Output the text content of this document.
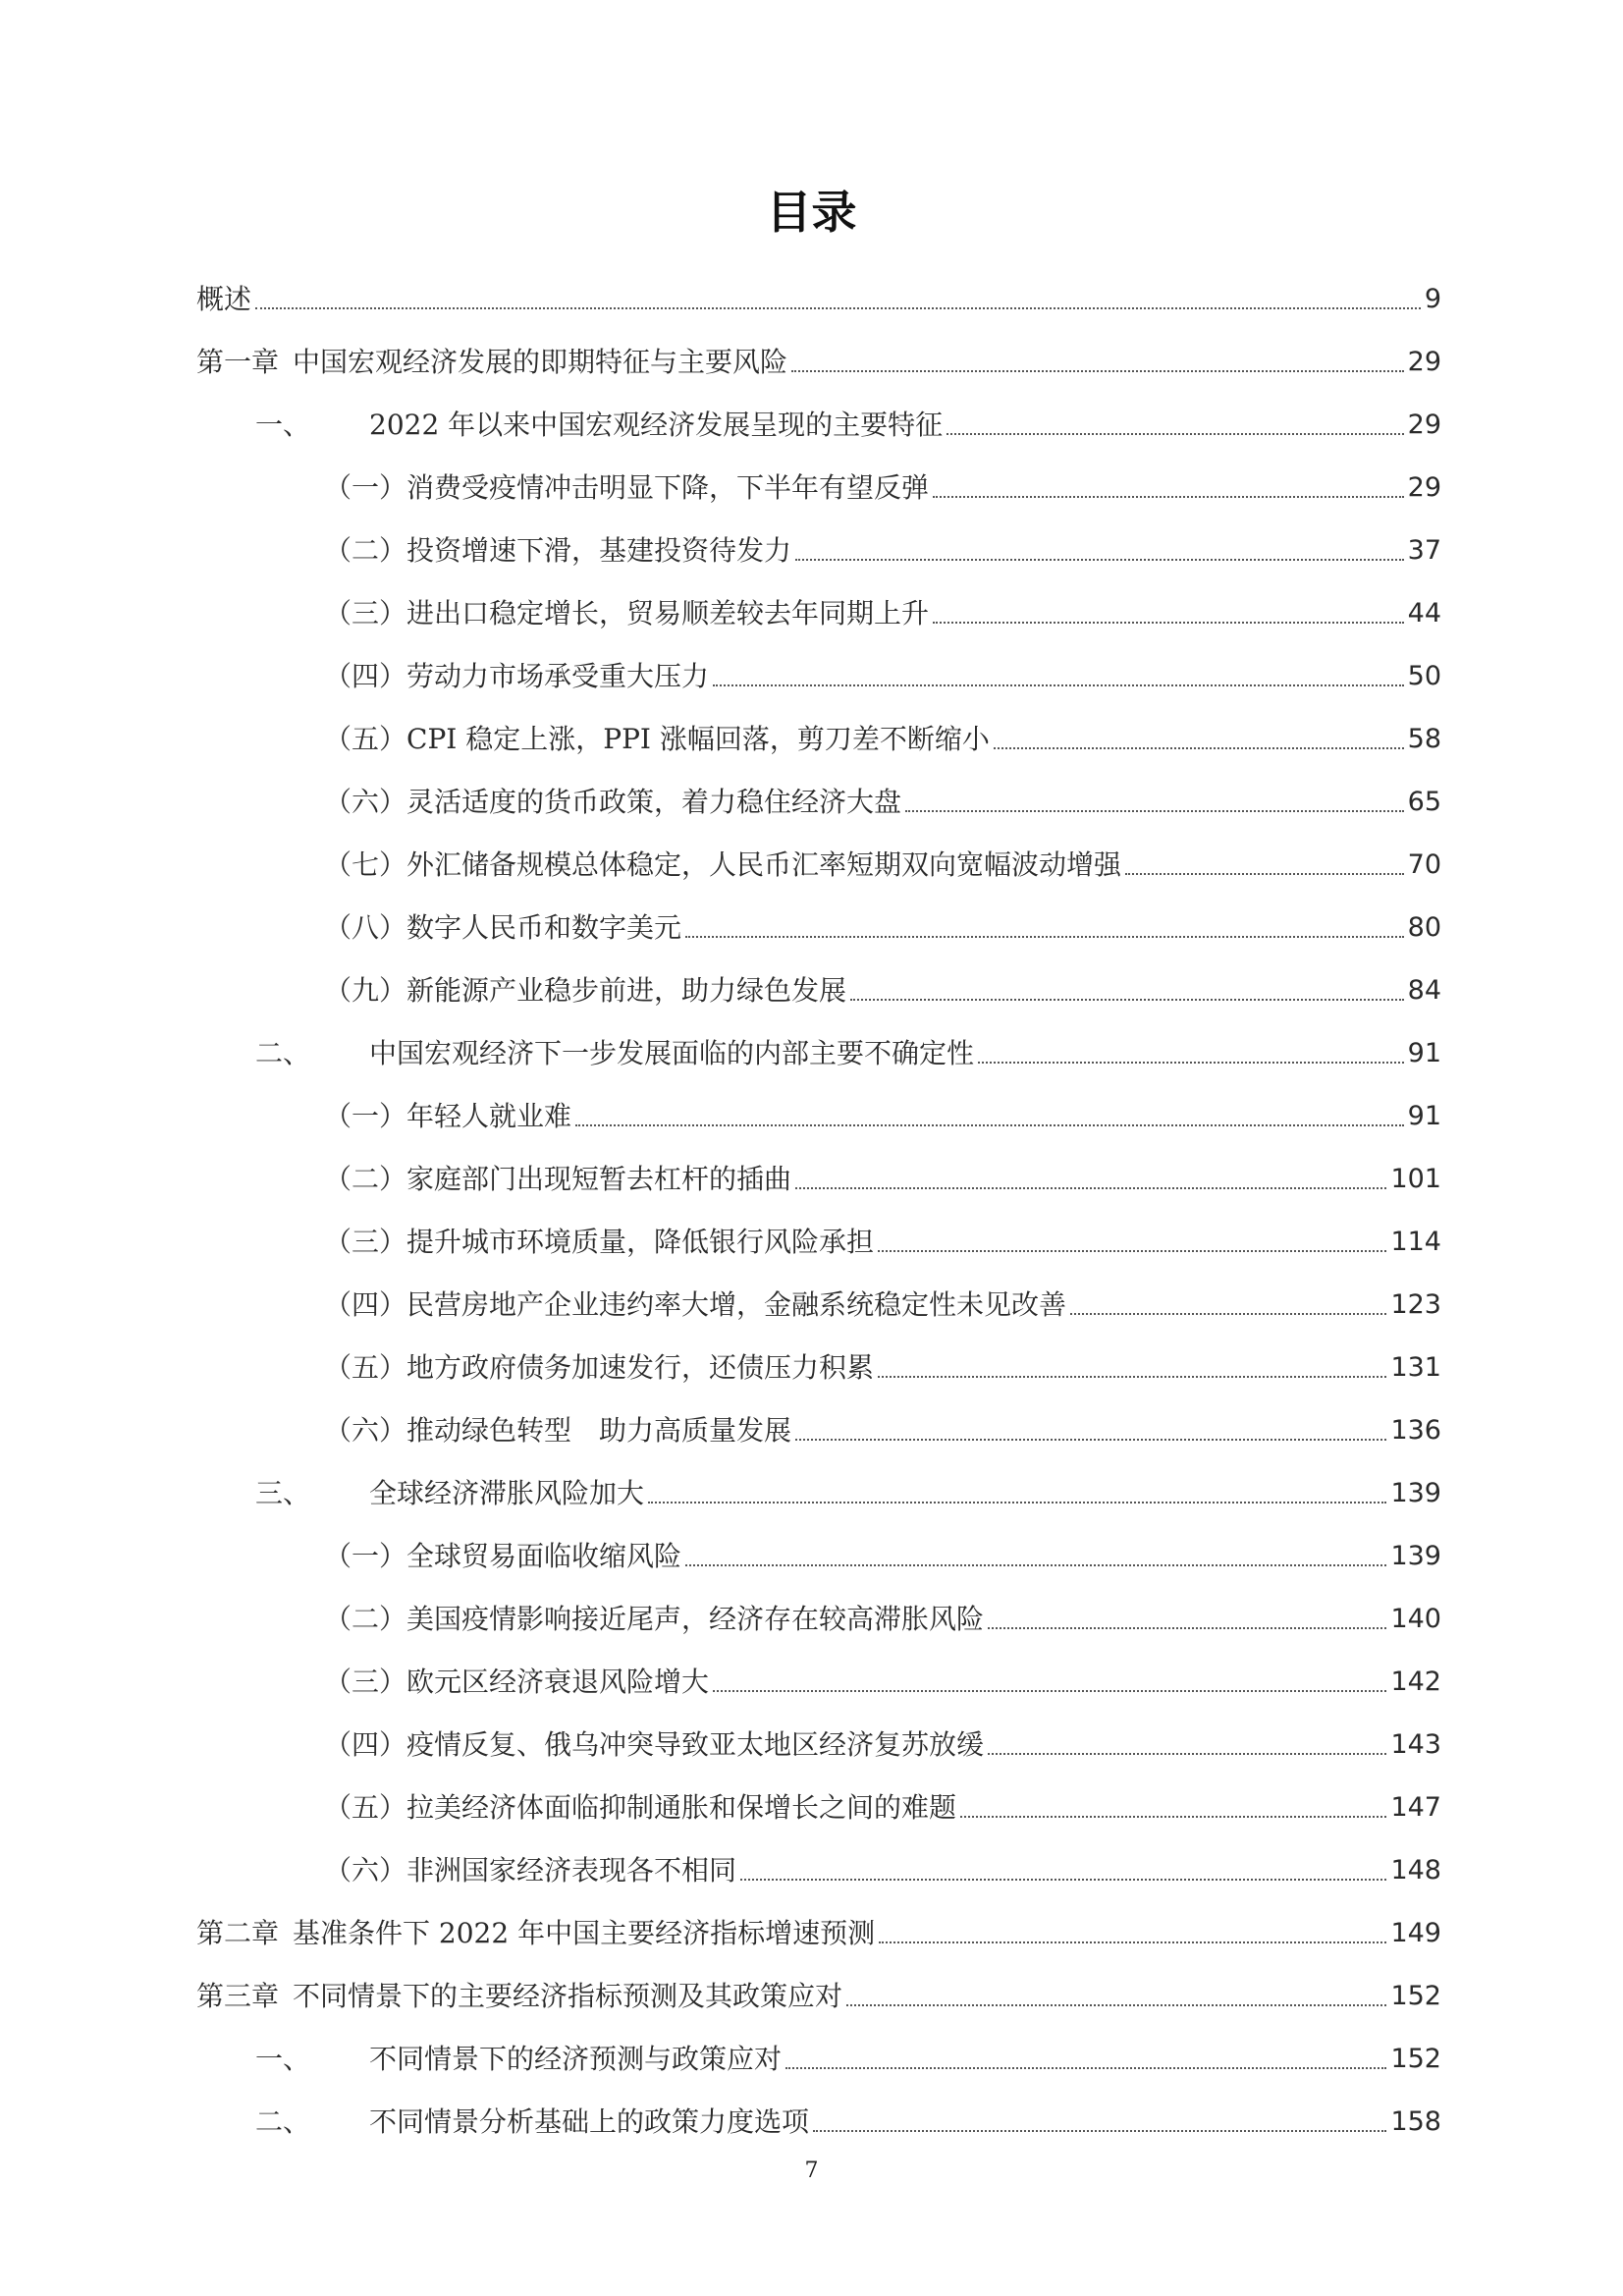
目录
概述	9
第一章 中国宏观经济发展的即期特征与主要风险	29
一、	2022 年以来中国宏观经济发展呈现的主要特征	29
（一） 消费受疫情冲击明显下降，下半年有望反弹	29
（二） 投资增速下滑，基建投资待发力	37
（三） 进出口稳定增长，贸易顺差较去年同期上升	44
（四） 劳动力市场承受重大压力	50
（五） CPI 稳定上涨，PPI 涨幅回落，剪刀差不断缩小	58
（六） 灵活适度的货币政策，着力稳住经济大盘	65
（七） 外汇储备规模总体稳定，人民币汇率短期双向宽幅波动增强	70
（八） 数字人民币和数字美元	80
（九） 新能源产业稳步前进，助力绿色发展	84
二、	中国宏观经济下一步发展面临的内部主要不确定性	91
（一） 年轻人就业难	91
（二） 家庭部门出现短暂去杠杆的插曲	101
（三） 提升城市环境质量，降低银行风险承担	114
（四） 民营房地产企业违约率大增，金融系统稳定性未见改善	123
（五） 地方政府债务加速发行，还债压力积累	131
（六） 推动绿色转型　助力高质量发展	136
三、	全球经济滞胀风险加大	139
（一） 全球贸易面临收缩风险	139
（二） 美国疫情影响接近尾声，经济存在较高滞胀风险	140
（三） 欧元区经济衰退风险增大	142
（四） 疫情反复、俄乌冲突导致亚太地区经济复苏放缓	143
（五） 拉美经济体面临抑制通胀和保增长之间的难题	147
（六） 非洲国家经济表现各不相同	148
第二章 基准条件下 2022 年中国主要经济指标增速预测	149
第三章 不同情景下的主要经济指标预测及其政策应对	152
一、	不同情景下的经济预测与政策应对	152
二、	不同情景分析基础上的政策力度选项	158
7
